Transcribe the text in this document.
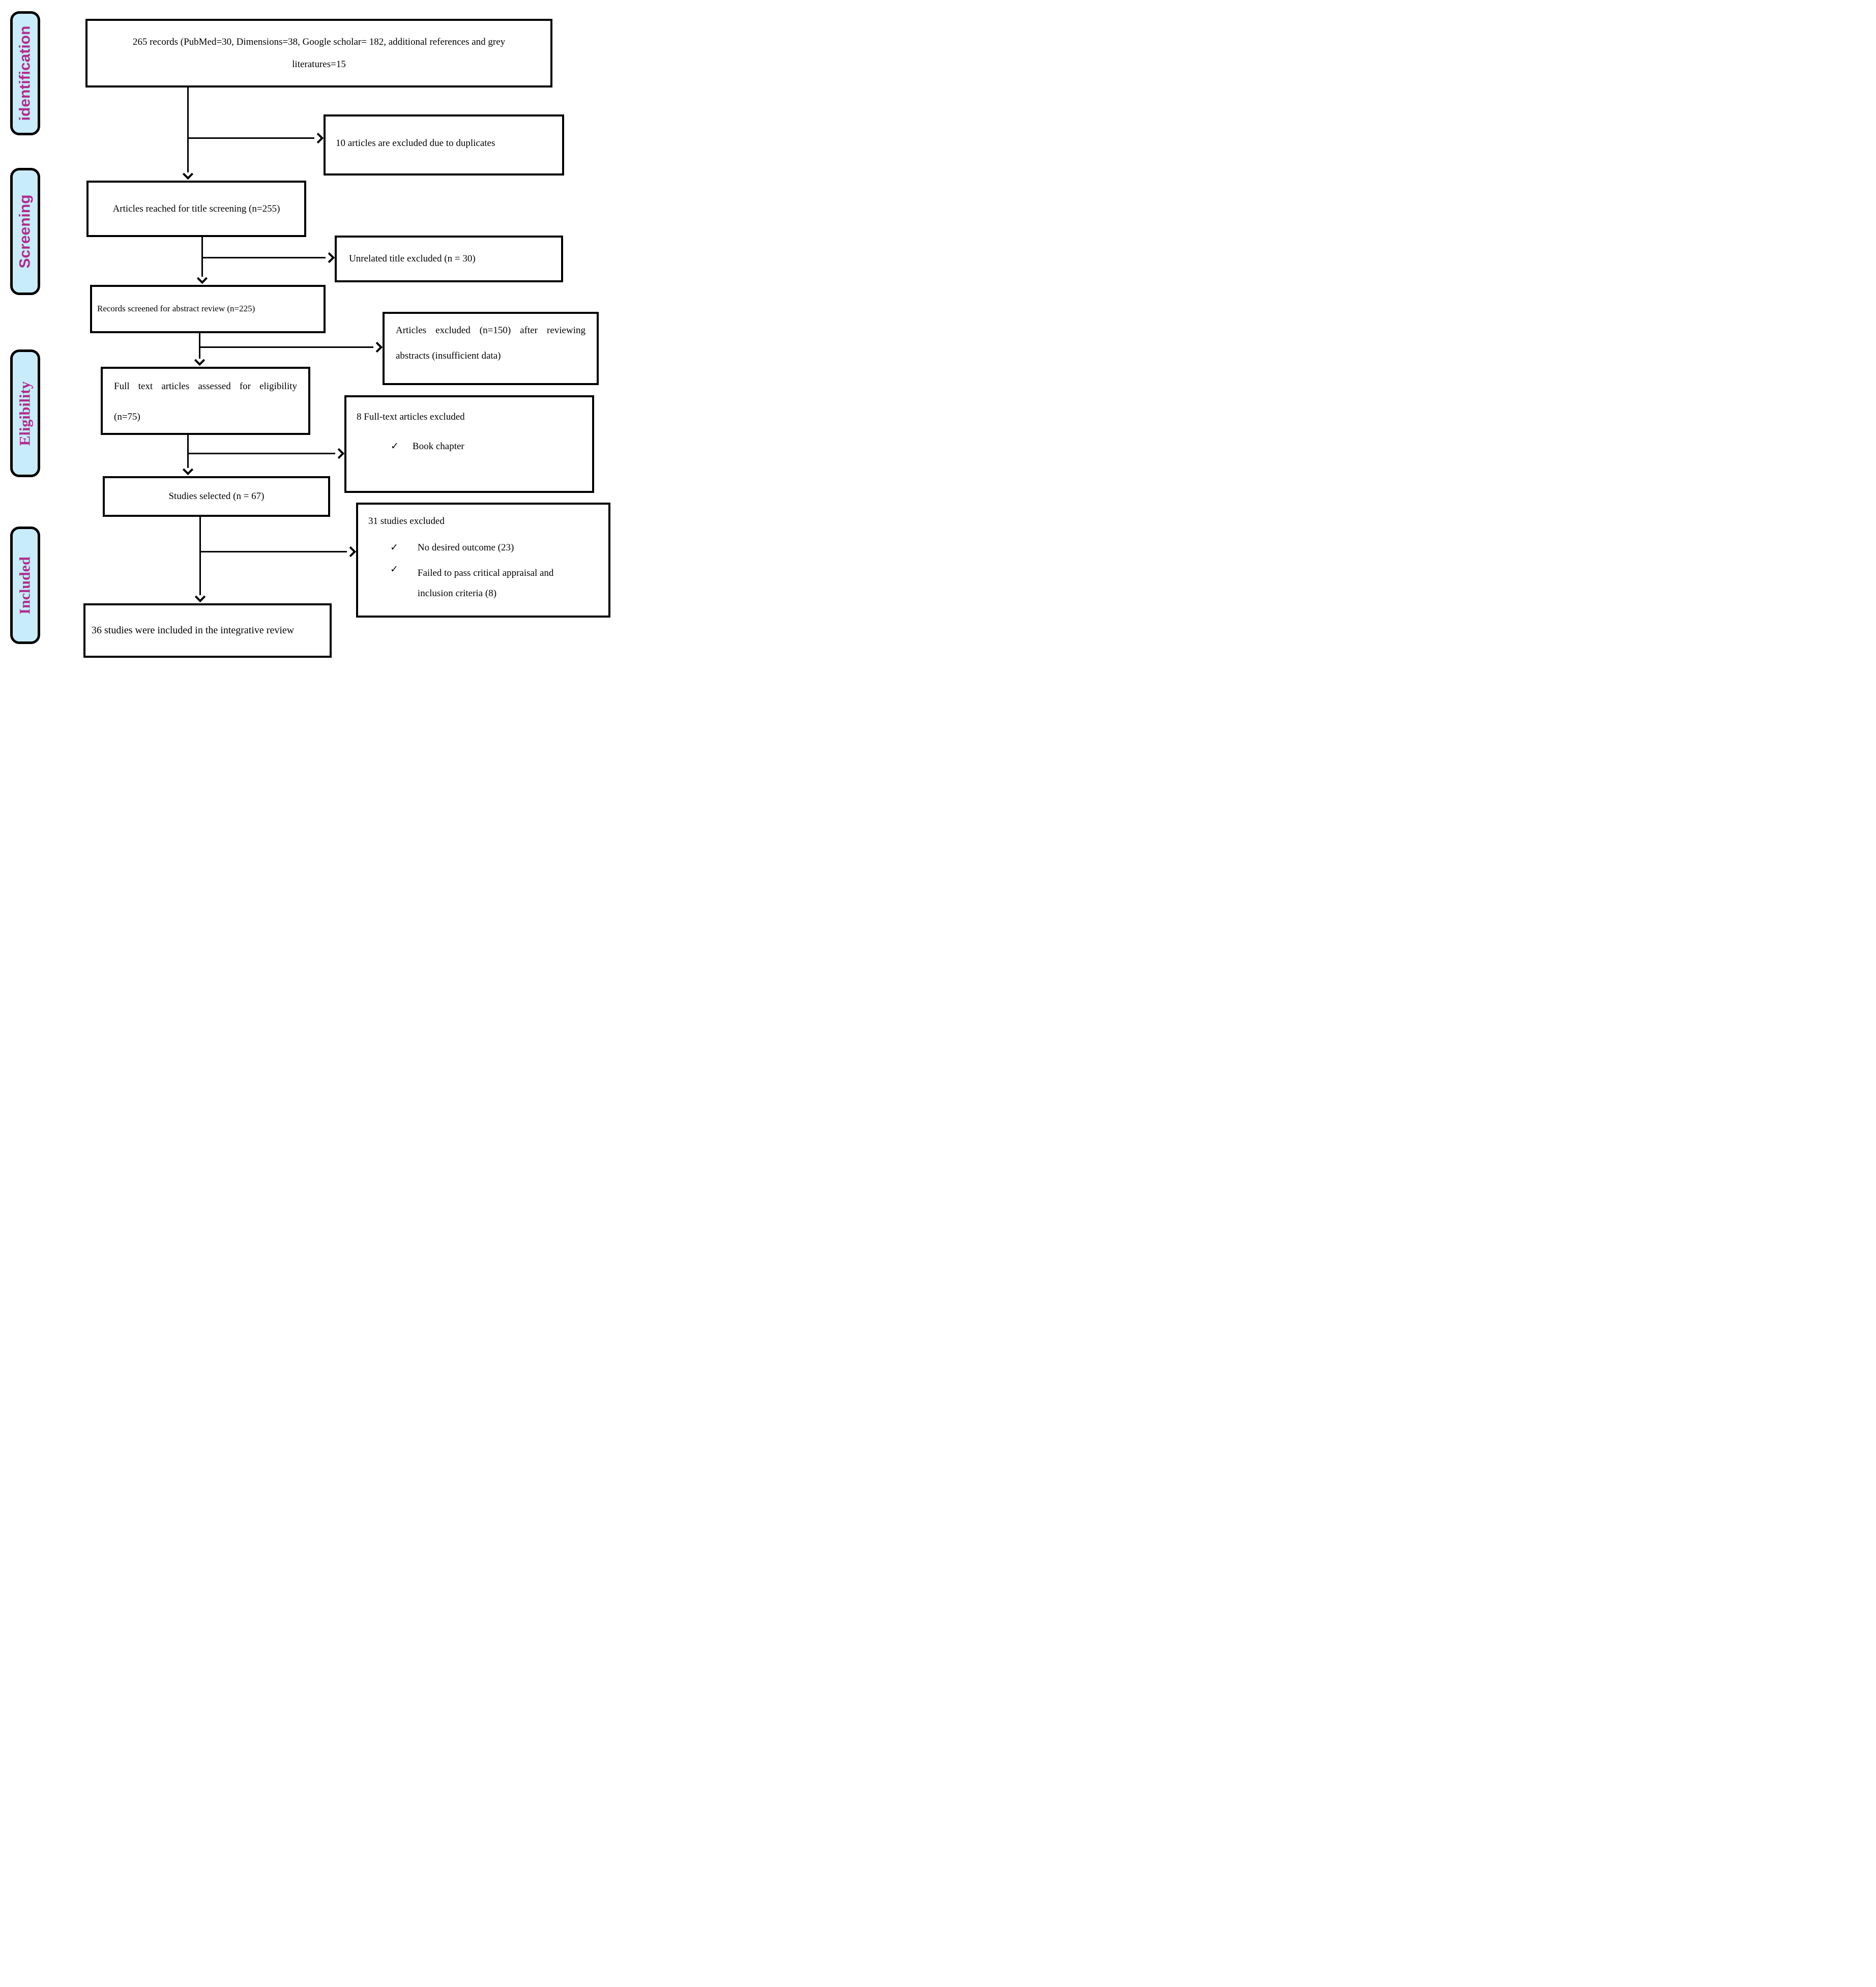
identification
Screening
Eligibility
Included
265 records (PubMed=30, Dimensions=38, Google scholar= 182, additional references and grey literatures=15
Articles reached for title screening (n=255)
Records screened for abstract review (n=225)
Full text articles assessed for eligibility
(n=75)
Studies selected (n = 67)
36 studies were included in the integrative review
10 articles are excluded due to duplicates
Unrelated title excluded (n = 30)
Articles excluded (n=150) after reviewing
abstracts (insufficient data)
8 Full-text articles excluded
✓ Book chapter
31 studies excluded
✓ No desired outcome (23)
✓ Failed to pass critical appraisal and inclusion criteria (8)
